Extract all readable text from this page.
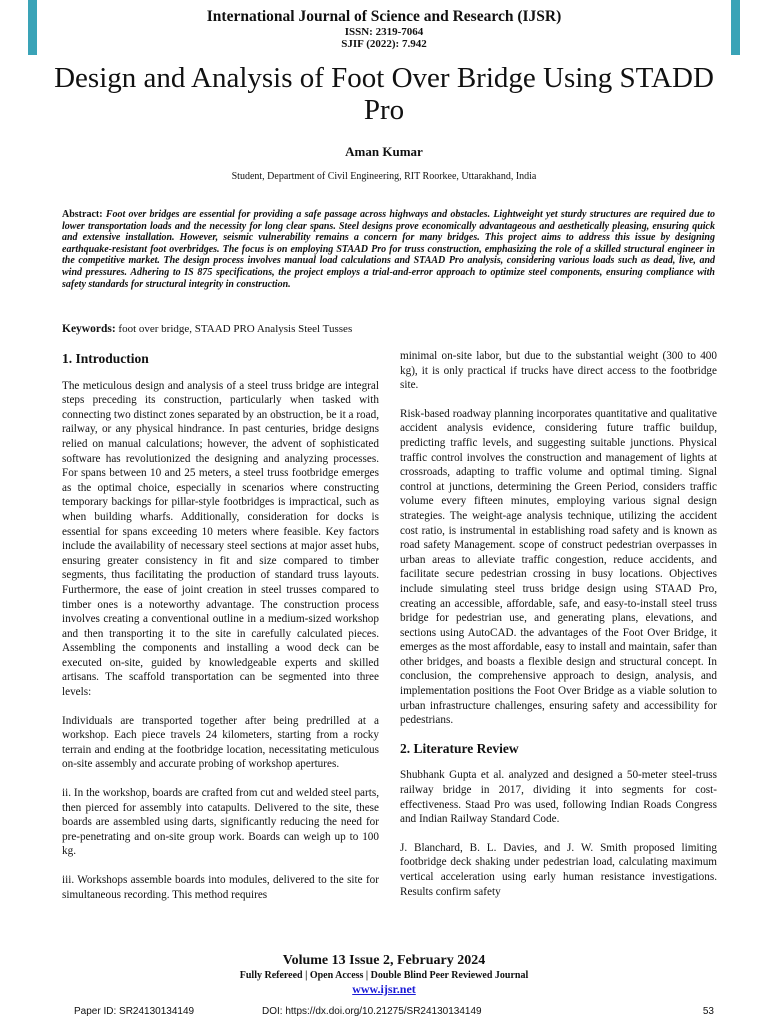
International Journal of Science and Research (IJSR)
ISSN: 2319-7064
SJIF (2022): 7.942
Design and Analysis of Foot Over Bridge Using STADD Pro
Aman Kumar
Student, Department of Civil Engineering, RIT Roorkee, Uttarakhand, India
Abstract: Foot over bridges are essential for providing a safe passage across highways and obstacles. Lightweight yet sturdy structures are required due to lower transportation loads and the necessity for long clear spans. Steel designs prove economically advantageous and aesthetically pleasing, ensuring quick and extensive installation. However, seismic vulnerability remains a concern for many bridges. This project aims to address this issue by designing earthquake-resistant foot overbridges. The focus is on employing STAAD Pro for truss construction, emphasizing the role of a skilled structural engineer in the competitive market. The design process involves manual load calculations and STAAD Pro analysis, considering various loads such as dead, live, and wind pressures. Adhering to IS 875 specifications, the project employs a trial-and-error approach to optimize steel components, ensuring compliance with safety standards for structural integrity in construction.
Keywords: foot over bridge, STAAD PRO Analysis Steel Tusses
1. Introduction

The meticulous design and analysis of a steel truss bridge are integral steps preceding its construction, particularly when tasked with connecting two distinct zones separated by an obstruction, be it a road, railway, or any physical hindrance. In past centuries, bridge designs relied on manual calculations; however, the advent of sophisticated software has revolutionized the designing and analyzing processes. For spans between 10 and 25 meters, a steel truss footbridge emerges as the optimal choice, especially in scenarios where constructing temporary backings for pillar-style footbridges is impractical, such as when building wharfs. Additionally, consideration for docks is essential for spans exceeding 10 meters where feasible. Key factors include the availability of necessary steel sections at major asset hubs, ensuring greater consistency in fit and size compared to timber segments, thus facilitating the production of standard truss layouts. Furthermore, the ease of joint creation in steel trusses compared to timber ones is a noteworthy advantage. The construction process involves creating a conventional outline in a medium-sized workshop and then transporting it to the site in carefully calculated pieces. Assembling the components and installing a wood deck can be executed on-site, guided by knowledgeable experts and skilled artisans. The scaffold transportation can be segmented into three levels:

Individuals are transported together after being predrilled at a workshop. Each piece travels 24 kilometers, starting from a rocky terrain and ending at the footbridge location, necessitating meticulous on-site assembly and accurate probing of workshop apertures.

ii. In the workshop, boards are crafted from cut and welded steel parts, then pierced for assembly into catapults. Delivered to the site, these boards are assembled using darts, significantly reducing the need for pre-penetrating and on-site group work. Boards can weigh up to 100 kg.

iii. Workshops assemble boards into modules, delivered to the site for simultaneous recording. This method requires

minimal on-site labor, but due to the substantial weight (300 to 400 kg), it is only practical if trucks have direct access to the footbridge site.

Risk-based roadway planning incorporates quantitative and qualitative accident analysis evidence, considering future traffic buildup, predicting traffic levels, and suggesting suitable junctions. Physical traffic control involves the construction and management of lights at crossroads, adapting to traffic volume and optimal timing. Signal control at junctions, determining the Green Period, considers traffic volume every fifteen minutes, employing various signal design strategies. The weight-age analysis technique, utilizing the accident cost ratio, is instrumental in establishing road safety and is known as road safety Management. scope of construct pedestrian overpasses in urban areas to alleviate traffic congestion, reduce accidents, and facilitate secure pedestrian crossing in busy locations. Objectives include simulating steel truss bridge design using STAAD Pro, creating an accessible, affordable, safe, and easy-to-install steel truss bridge for pedestrian use, and generating plans, elevations, and sections using AutoCAD. the advantages of the Foot Over Bridge, it emerges as the most affordable, easy to install and maintain, safer than other bridges, and boasts a flexible design and structural concept. In conclusion, the comprehensive approach to design, analysis, and implementation positions the Foot Over Bridge as a viable solution to urban infrastructure challenges, ensuring safety and accessibility for pedestrians.

2. Literature Review

Shubhank Gupta et al. analyzed and designed a 50-meter steel-truss railway bridge in 2017, dividing it into segments for cost-effectiveness. Staad Pro was used, following Indian Roads Congress and Indian Railway Standard Code.

J. Blanchard, B. L. Davies, and J. W. Smith proposed limiting footbridge deck shaking under pedestrian load, calculating maximum vertical acceleration using early human resistance investigations. Results confirm safety

Volume 13 Issue 2, February 2024
Fully Refereed | Open Access | Double Blind Peer Reviewed Journal
www.ijsr.net
Paper ID: SR24130134149	DOI: https://dx.doi.org/10.21275/SR24130134149	53
